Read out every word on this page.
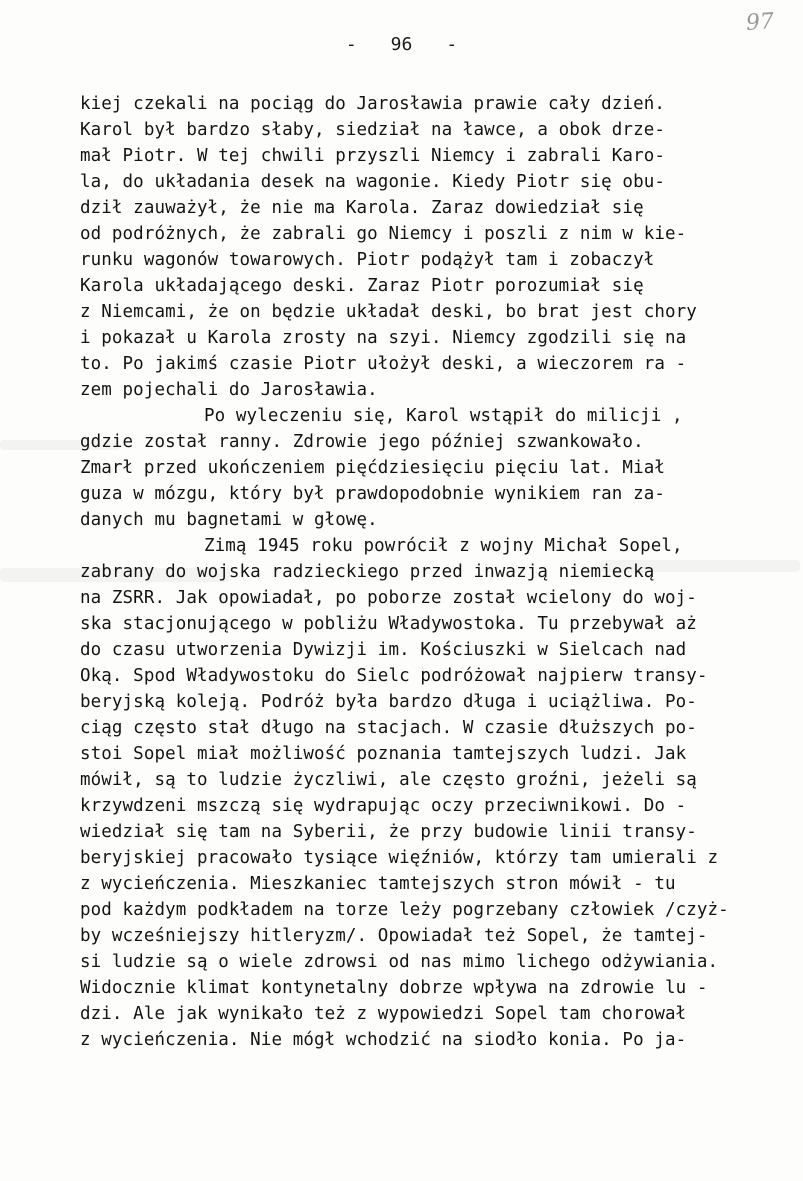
- 96 -
97
kiej czekali na pociąg do Jarosławia prawie cały dzień.
Karol był bardzo słaby, siedział na ławce, a obok drze-
mał Piotr. W tej chwili przyszli Niemcy i zabrali Karo-
la, do układania desek na wagonie. Kiedy Piotr się obu-
dził zauważył, że nie ma Karola. Zaraz dowiedział się
od podróżnych, że zabrali go Niemcy i poszli z nim w kie-
runku wagonów towarowych. Piotr podążył tam i zobaczył
Karola układającego deski. Zaraz Piotr porozumiał się
z Niemcami, że on będzie układał deski, bo brat jest chory
i pokazał u Karola zrosty na szyi. Niemcy zgodzili się na
to. Po jakimś czasie Piotr ułożył deski, a wieczorem ra -
zem pojechali do Jarosławia.
Po wyleczeniu się, Karol wstąpił do milicji ,
gdzie został ranny. Zdrowie jego później szwankowało.
Zmarł przed ukończeniem pięćdziesięciu pięciu lat. Miał
guza w mózgu, który był prawdopodobnie wynikiem ran za-
danych mu bagnetami w głowę.
Zimą 1945 roku powrócił z wojny Michał Sopel,
zabrany do wojska radzieckiego przed inwazją niemiecką
na ZSRR. Jak opowiadał, po poborze został wcielony do woj-
ska stacjonującego w pobliżu Władywostoka. Tu przebywał aż
do czasu utworzenia Dywizji im. Kościuszki w Sielcach nad
Oką. Spod Władywostoku do Sielc podróżował najpierw transy-
beryjską koleją. Podróż była bardzo długa i uciążliwa. Po-
ciąg często stał długo na stacjach. W czasie dłuższych po-
stoi Sopel miał możliwość poznania tamtejszych ludzi. Jak
mówił, są to ludzie życzliwi, ale często groźni, jeżeli są
krzywdzeni mszczą się wydrapując oczy przeciwnikowi. Do -
wiedział się tam na Syberii, że przy budowie linii transy-
beryjskiej pracowało tysiące więźniów, którzy tam umierali z
z wycieńczenia. Mieszkaniec tamtejszych stron mówił - tu
pod każdym podkładem na torze leży pogrzebany człowiek /czyż-
by wcześniejszy hitleryzm/. Opowiadał też Sopel, że tamtej-
si ludzie są o wiele zdrowsi od nas mimo lichego odżywiania.
Widocznie klimat kontynetalny dobrze wpływa na zdrowie lu -
dzi. Ale jak wynikało też z wypowiedzi Sopel tam chorował
z wycieńczenia. Nie mógł wchodzić na siodło konia. Po ja-
